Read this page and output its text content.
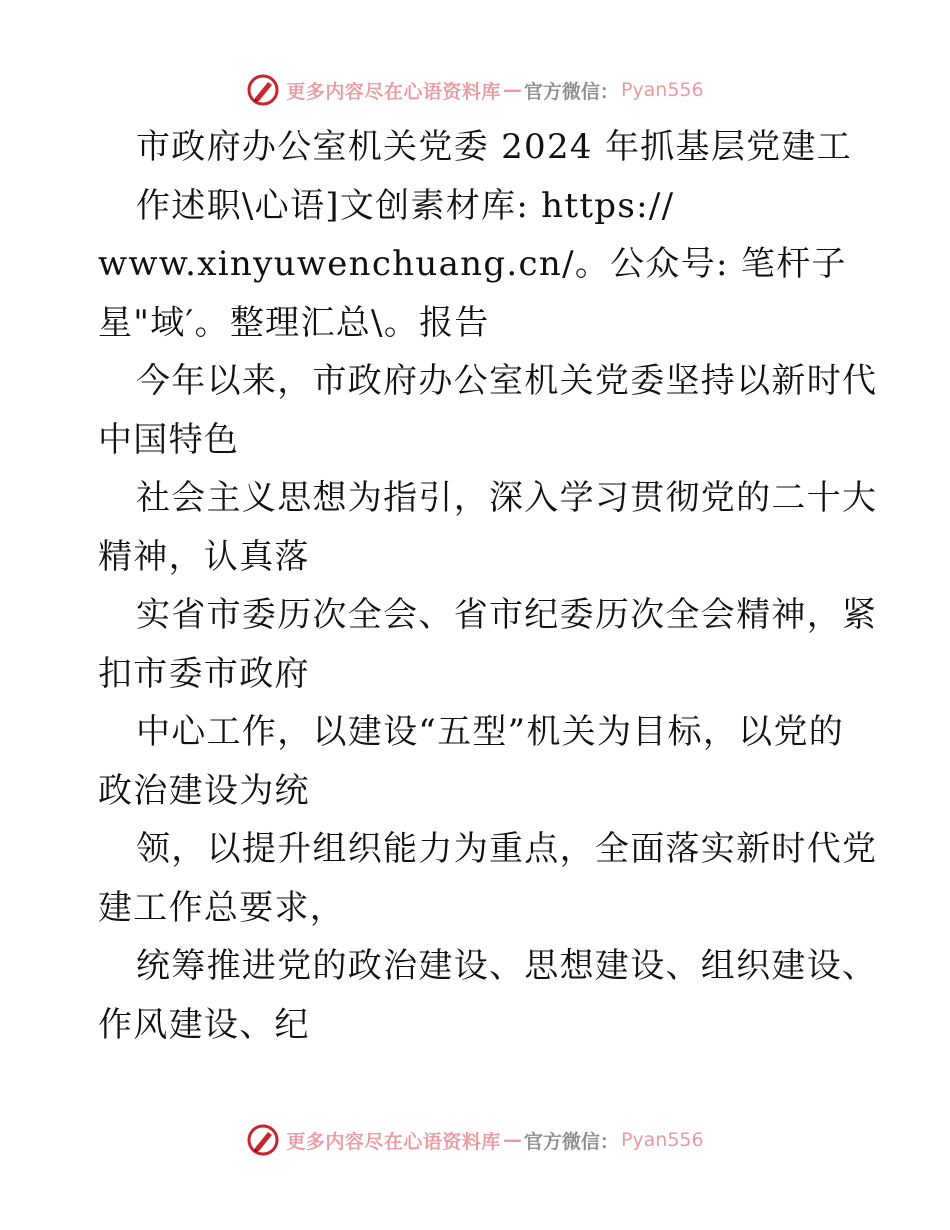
更多内容尽在心语资料库 — 官方微信： Pyan556
市政府办公室机关党委 2024 年抓基层党建工
作述职\心语]文创素材库: https://
www.xinyuwenchuang.cn/。公众号: 笔杆子
星"域′。整理汇总\。报告
今年以来，市政府办公室机关党委坚持以新时代
中国特色
社会主义思想为指引，深入学习贯彻党的二十大
精神，认真落
实省市委历次全会、省市纪委历次全会精神，紧
扣市委市政府
中心工作，以建设“五型”机关为目标，以党的
政治建设为统
领，以提升组织能力为重点，全面落实新时代党
建工作总要求，
统筹推进党的政治建设、思想建设、组织建设、
作风建设、纪
更多内容尽在心语资料库 — 官方微信： Pyan556
